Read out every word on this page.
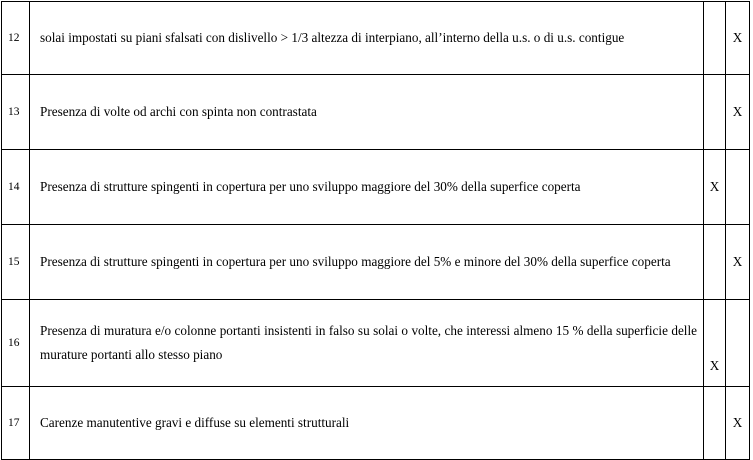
12	solai impostati su piani sfalsati con dislivello > 1/3 altezza di interpiano, all’interno della u.s. o di u.s. contigue		X
13	Presenza di volte od archi con spinta non contrastata		X
14	Presenza di strutture spingenti in copertura per uno sviluppo maggiore del 30% della superfice coperta	X	
15	Presenza di strutture spingenti in copertura per uno sviluppo maggiore del 5% e minore del 30% della superfice coperta		X
16	Presenza di muratura e/o colonne portanti insistenti in falso su solai o volte, che interessi almeno 15 % della superficie delle murature portanti allo stesso piano	X	
17	Carenze manutentive gravi e diffuse su elementi strutturali		X
